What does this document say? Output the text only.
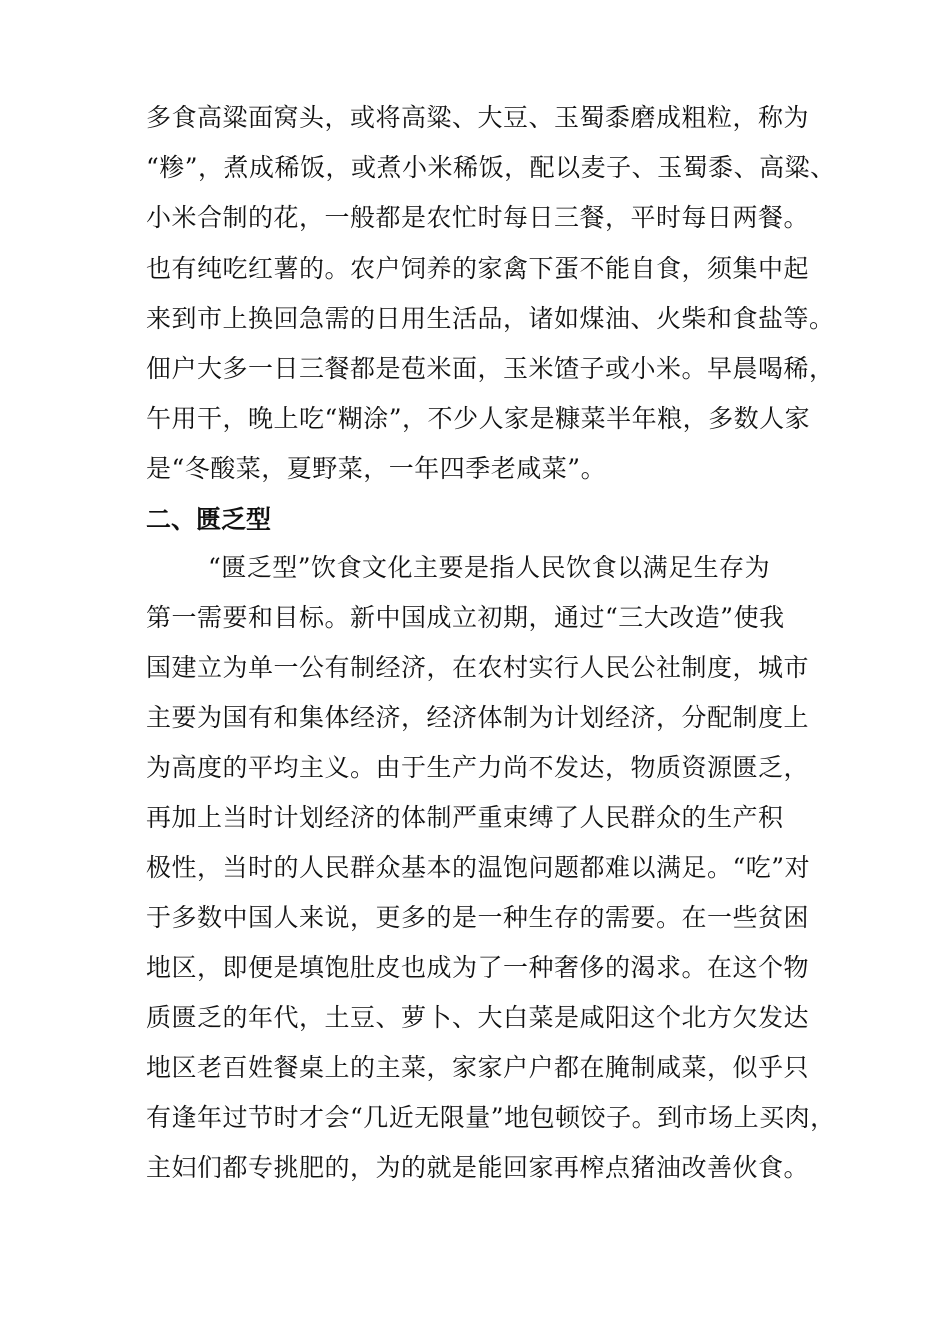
多食高粱面窝头，或将高粱、大豆、玉蜀黍磨成粗粒，称为
“糁”，煮成稀饭，或煮小米稀饭，配以麦子、玉蜀黍、高粱、
小米合制的花，一般都是农忙时每日三餐，平时每日两餐。
也有纯吃红薯的。农户饲养的家禽下蛋不能自食，须集中起
来到市上换回急需的日用生活品，诸如煤油、火柴和食盐等。
佃户大多一日三餐都是苞米面，玉米馇子或小米。早晨喝稀，
午用干，晚上吃“糊涂”，不少人家是糠菜半年粮，多数人家
是“冬酸菜，夏野菜，一年四季老咸菜”。
二、匮乏型
“匮乏型”饮食文化主要是指人民饮食以满足生存为
第一需要和目标。新中国成立初期，通过“三大改造”使我
国建立为单一公有制经济，在农村实行人民公社制度，城市
主要为国有和集体经济，经济体制为计划经济，分配制度上
为高度的平均主义。由于生产力尚不发达，物质资源匮乏，
再加上当时计划经济的体制严重束缚了人民群众的生产积
极性，当时的人民群众基本的温饱问题都难以满足。“吃”对
于多数中国人来说，更多的是一种生存的需要。在一些贫困
地区，即便是填饱肚皮也成为了一种奢侈的渴求。在这个物
质匮乏的年代，土豆、萝卜、大白菜是咸阳这个北方欠发达
地区老百姓餐桌上的主菜，家家户户都在腌制咸菜，似乎只
有逢年过节时才会“几近无限量”地包顿饺子。到市场上买肉，
主妇们都专挑肥的，为的就是能回家再榨点猪油改善伙食。
